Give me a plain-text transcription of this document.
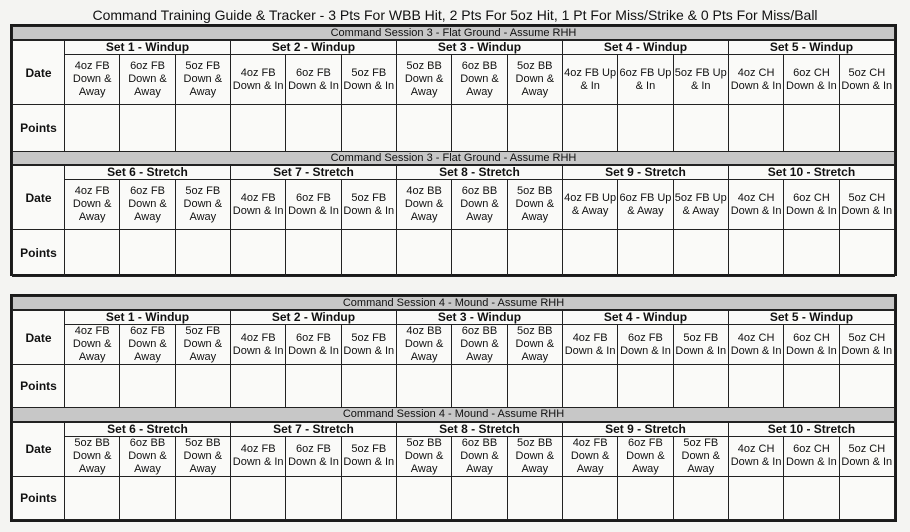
Command Training Guide & Tracker - 3 Pts For WBB Hit, 2 Pts For 5oz Hit, 1 Pt For Miss/Strike & 0 Pts For Miss/Ball
Command Session 3 - Flat Ground - Assume RHH															
Date	Set 1 - Windup			Set 2 - Windup			Set 3 - Windup			Set 4 - Windup			Set 5 - Windup		
	4oz FB Down & Away	6oz FB Down & Away	5oz FB Down & Away	4oz FB Down & In	6oz FB Down & In	5oz FB Down & In	5oz BB Down & Away	6oz BB Down & Away	5oz BB Down & Away	4oz FB Up & In	6oz FB Up & In	5oz FB Up & In	4oz CH Down & In	6oz CH Down & In	5oz CH Down & In
Points															
Command Session 3 - Flat Ground - Assume RHH															
Date	Set 6 - Stretch			Set 7 - Stretch			Set 8 - Stretch			Set 9 - Stretch			Set 10 - Stretch		
	4oz FB Down & Away	6oz FB Down & Away	5oz FB Down & Away	4oz FB Down & In	6oz FB Down & In	5oz FB Down & In	4oz BB Down & Away	6oz BB Down & Away	5oz BB Down & Away	4oz FB Up & Away	6oz FB Up & Away	5oz FB Up & Away	4oz CH Down & In	6oz CH Down & In	5oz CH Down & In
Points															
Command Session 4 - Mound - Assume RHH															
Date	Set 1 - Windup			Set 2 - Windup			Set 3 - Windup			Set 4 - Windup			Set 5 - Windup		
	4oz FB Down & Away	6oz FB Down & Away	5oz FB Down & Away	4oz FB Down & In	6oz FB Down & In	5oz FB Down & In	4oz BB Down & Away	6oz BB Down & Away	5oz BB Down & Away	4oz FB Down & In	6oz FB Down & In	5oz FB Down & In	4oz CH Down & In	6oz CH Down & In	5oz CH Down & In
Points															
Command Session 4 - Mound - Assume RHH															
Date	Set 6 - Stretch			Set 7 - Stretch			Set 8 - Stretch			Set 9 - Stretch			Set 10 - Stretch		
	5oz BB Down & Away	6oz BB Down & Away	5oz BB Down & Away	4oz FB Down & In	6oz FB Down & In	5oz FB Down & In	5oz BB Down & Away	6oz BB Down & Away	5oz BB Down & Away	4oz FB Down & Away	6oz FB Down & Away	5oz FB Down & Away	4oz CH Down & In	6oz CH Down & In	5oz CH Down & In
Points															
